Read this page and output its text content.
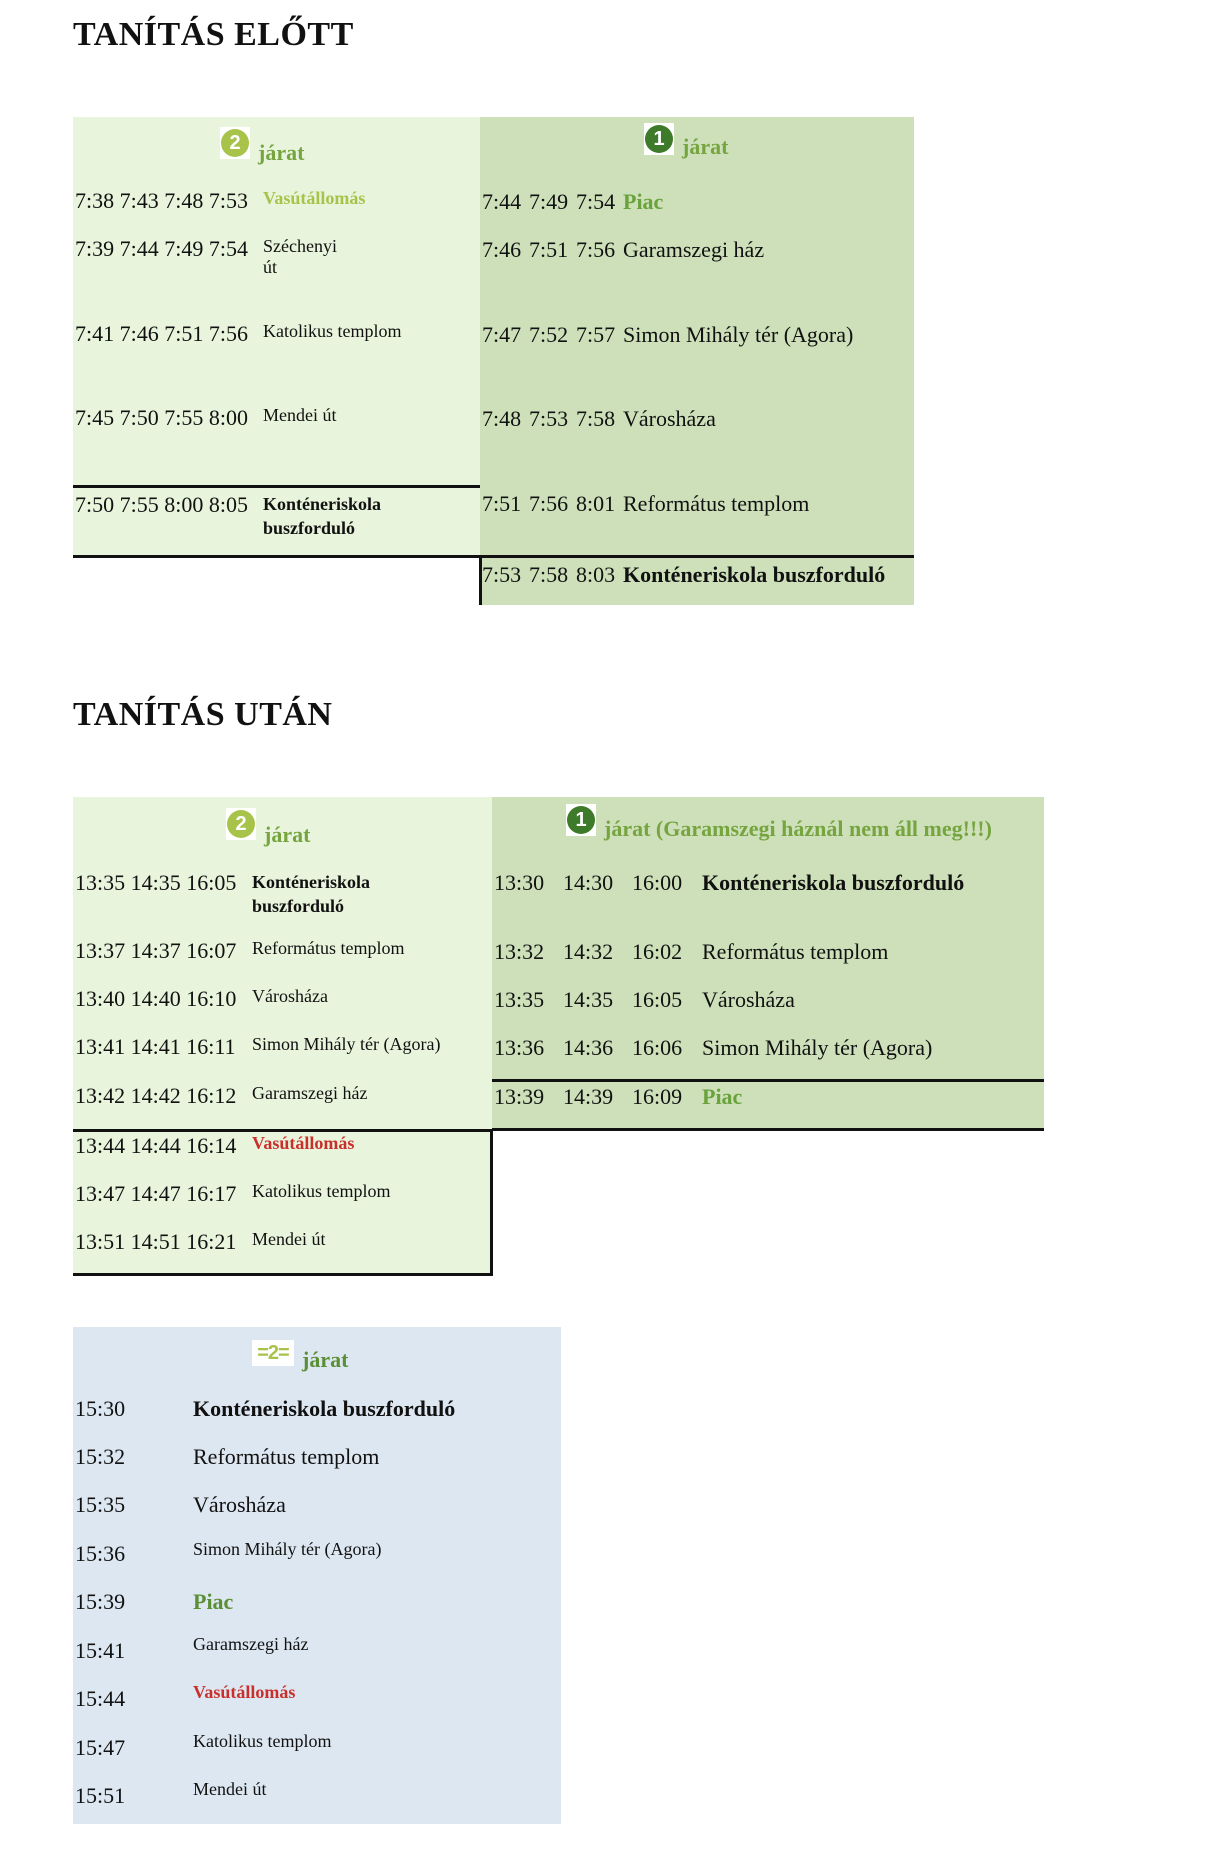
TANÍTÁS ELŐTT
2 járat
1 járat
7:38 7:43 7:48 7:53 Vasútállomás
7:39 7:44 7:49 7:54 Széchenyi út
7:41 7:46 7:51 7:56 Katolikus templom
7:45 7:50 7:55 8:00 Mendei út
7:50 7:55 8:00 8:05 Konténeriskola buszforduló
7:44 7:49 7:54 Piac
7:46 7:51 7:56 Garamszegi ház
7:47 7:52 7:57 Simon Mihály tér (Agora)
7:48 7:53 7:58 Városháza
7:51 7:56 8:01 Református templom
7:53 7:58 8:03 Konténeriskola buszforduló
TANÍTÁS UTÁN
2 járat
1 járat (Garamszegi háznál nem áll meg!!!)
13:35 14:35 16:05 Konténeriskola buszforduló
13:37 14:37 16:07 Református templom
13:40 14:40 16:10 Városháza
13:41 14:41 16:11 Simon Mihály tér (Agora)
13:42 14:42 16:12 Garamszegi ház
13:44 14:44 16:14 Vasútállomás
13:47 14:47 16:17 Katolikus templom
13:51 14:51 16:21 Mendei út
13:30 14:30 16:00 Konténeriskola buszforduló
13:32 14:32 16:02 Református templom
13:35 14:35 16:05 Városháza
13:36 14:36 16:06 Simon Mihály tér (Agora)
13:39 14:39 16:09 Piac
=2= járat
15:30	Konténeriskola buszforduló
15:32	Református templom
15:35	Városháza
15:36	Simon Mihály tér (Agora)
15:39	Piac
15:41	Garamszegi ház
15:44	Vasútállomás
15:47	Katolikus templom
15:51	Mendei út
